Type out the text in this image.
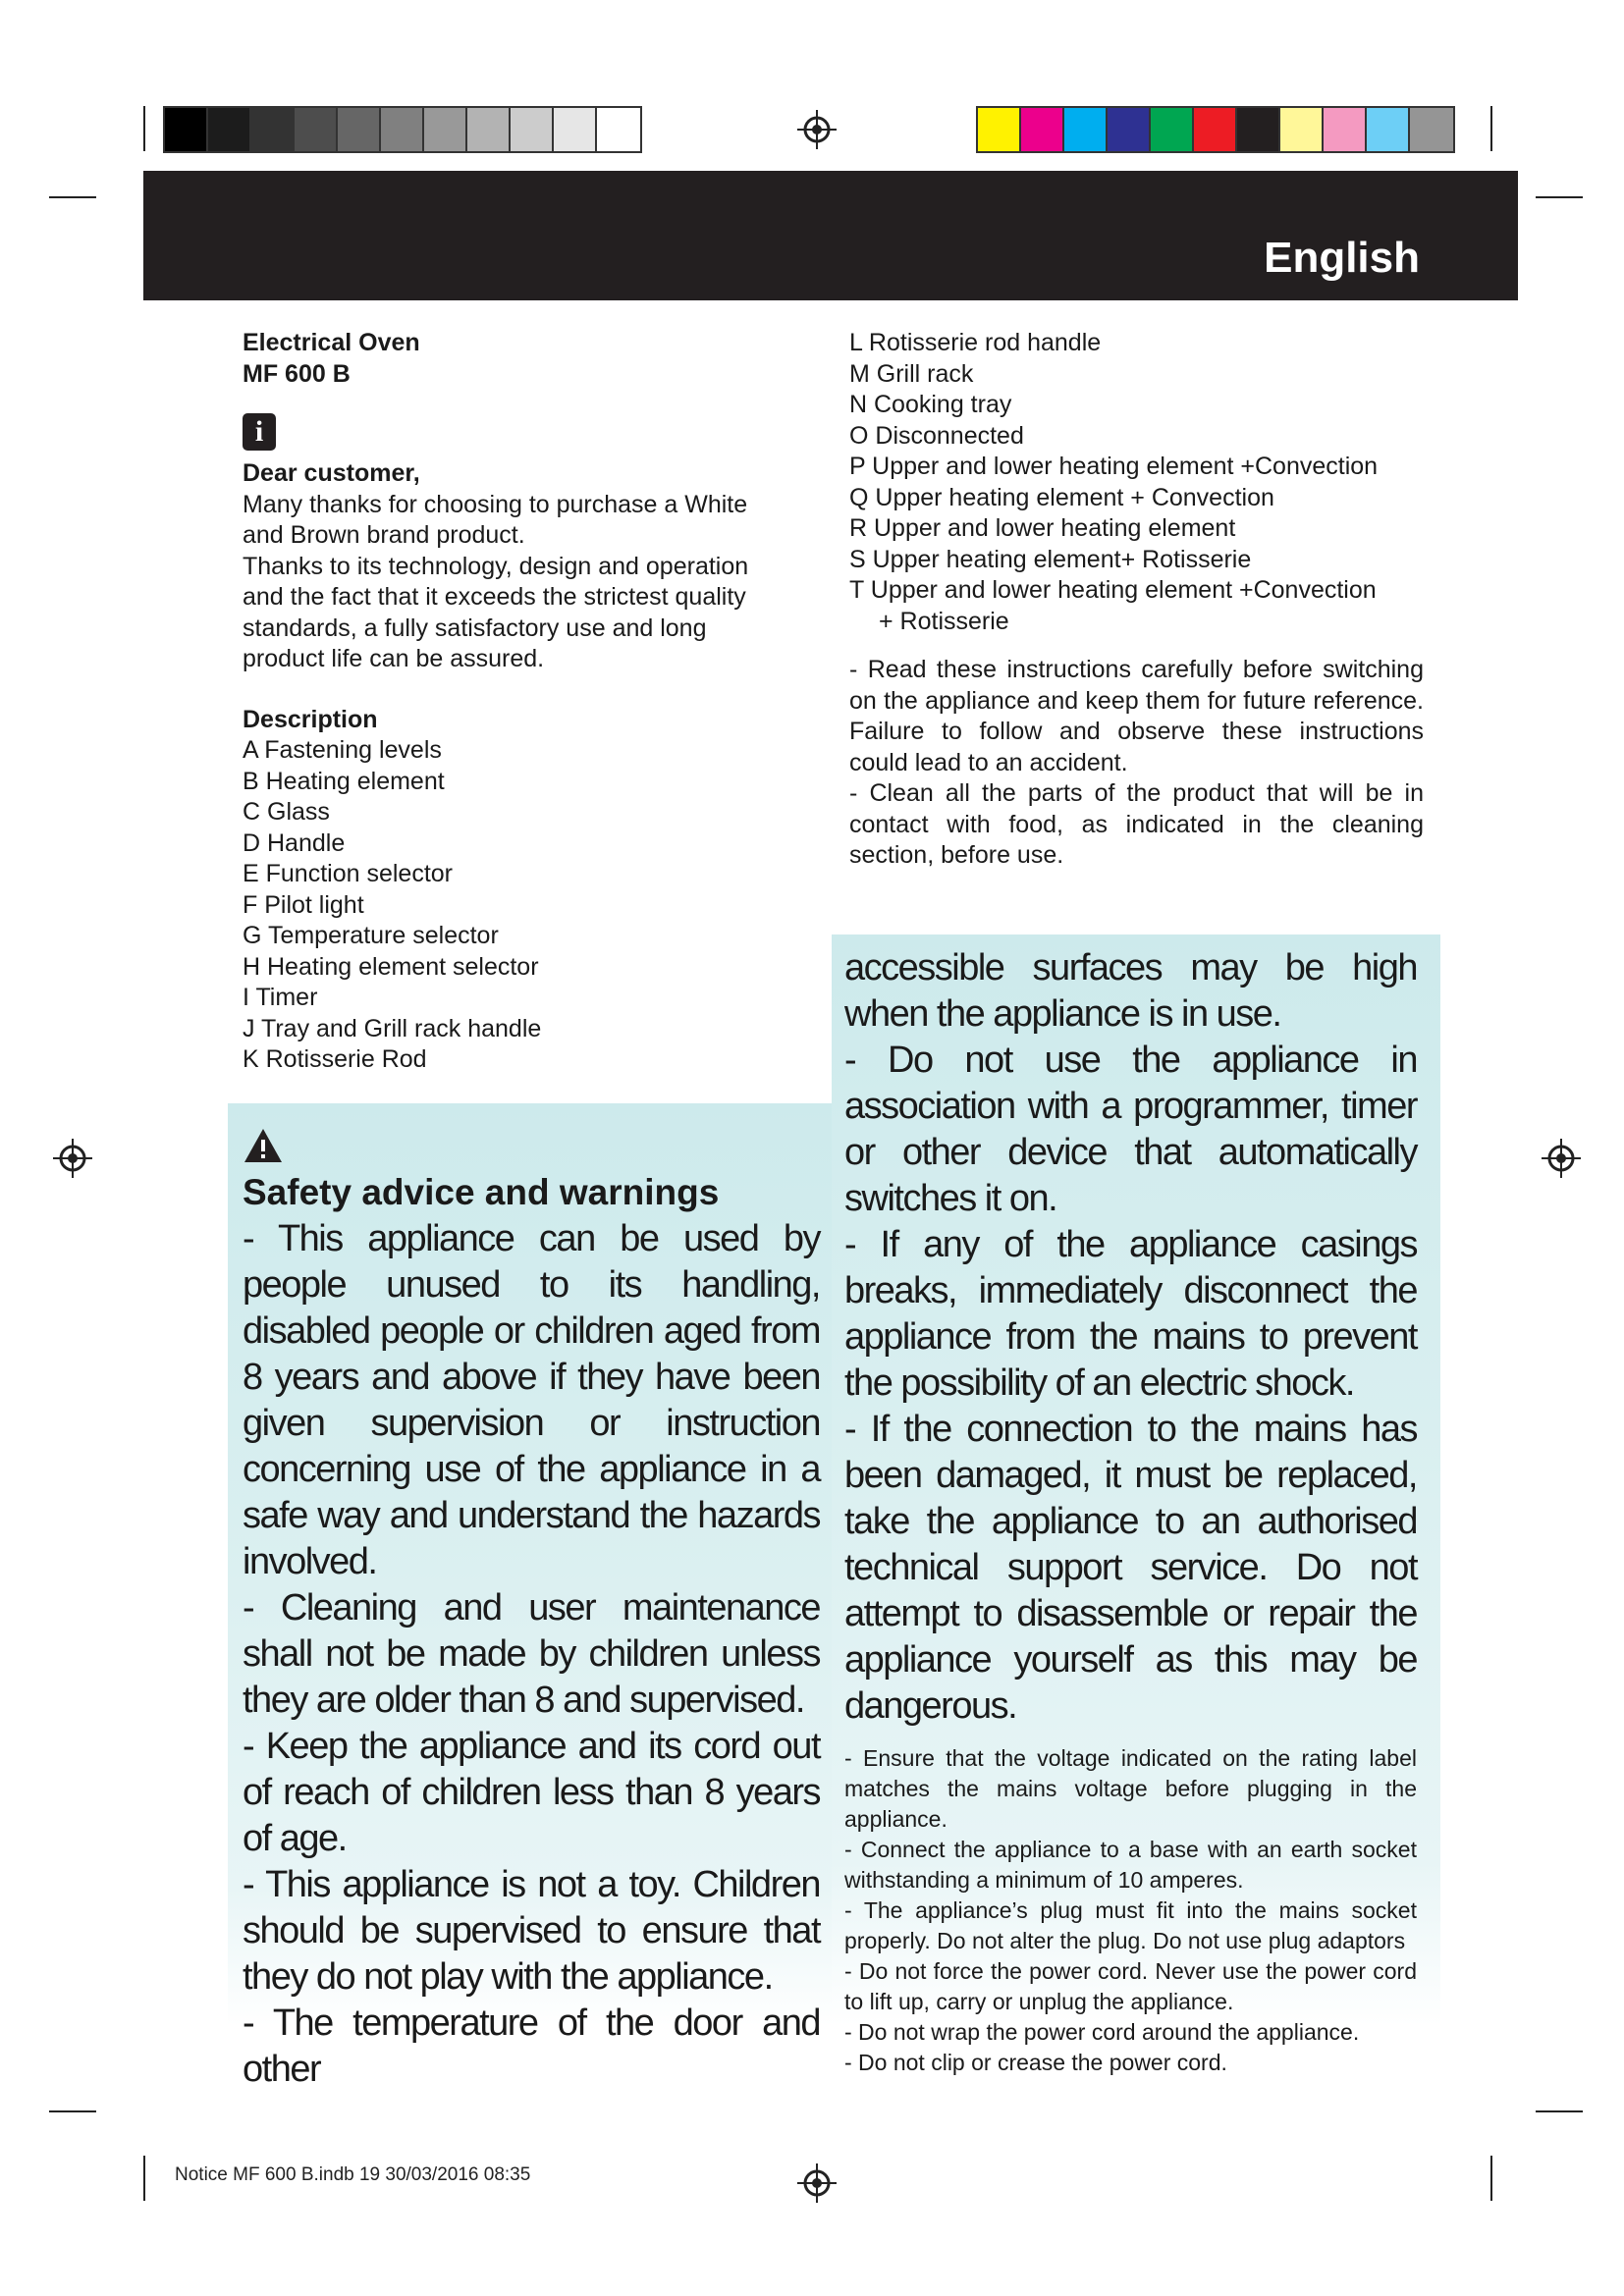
English
Electrical Oven
MF 600 B
i
Dear customer,

Many thanks for choosing to purchase a White and Brown brand product.

Thanks to its technology, design and operation and the fact that it exceeds the strictest quality standards, a fully satisfactory use and long product life can be assured.

Description
A Fastening levels
B Heating element
C Glass
D Handle
E Function selector
F Pilot light
G Temperature selector
H Heating element selector
I Timer
J Tray and Grill rack handle
K Rotisserie Rod
L Rotisserie rod handle
M Grill rack
N Cooking tray
O Disconnected
P Upper and lower heating element +Convection
Q Upper heating element + Convection
R Upper and lower heating element
S Upper heating element+ Rotisserie
T Upper and lower heating element +Convection
+ Rotisserie

- Read these instructions carefully before switching on the appliance and keep them for future reference. Failure to follow and observe these instructions could lead to an accident.

- Clean all the parts of the product that will be in contact with food, as indicated in the cleaning section, before use.

Safety advice and warnings

- This appliance can be used by people unused to its handling, disabled people or children aged from 8 years and above if they have been given supervision or instruction concerning use of the appliance in a safe way and understand the hazards involved.

- Cleaning and user maintenance shall not be made by children unless they are older than 8 and supervised.

- Keep the appliance and its cord out of reach of children less than 8 years of age.

- This appliance is not a toy. Children should be supervised to ensure that they do not play with the appliance.

- The temperature of the door and other

accessible surfaces may be high when the appliance is in use.

- Do not use the appliance in association with a programmer, timer or other device that automatically switches it on.

- If any of the appliance casings breaks, immediately disconnect the appliance from the mains to prevent the possibility of an electric shock.

- If the connection to the mains has been damaged, it must be replaced, take the appliance to an authorised technical support service. Do not attempt to disassemble or repair the appliance yourself as this may be dangerous.

- Ensure that the voltage indicated on the rating label matches the mains voltage before plugging in the appliance.

- Connect the appliance to a base with an earth socket withstanding a minimum of 10 amperes.

- The appliance’s plug must fit into the mains socket properly. Do not alter the plug. Do not use plug adaptors

- Do not force the power cord. Never use the power cord to lift up, carry or unplug the appliance.

- Do not wrap the power cord around the appliance.

- Do not clip or crease the power cord.

Notice MF 600 B.indb 19 30/03/2016 08:35
